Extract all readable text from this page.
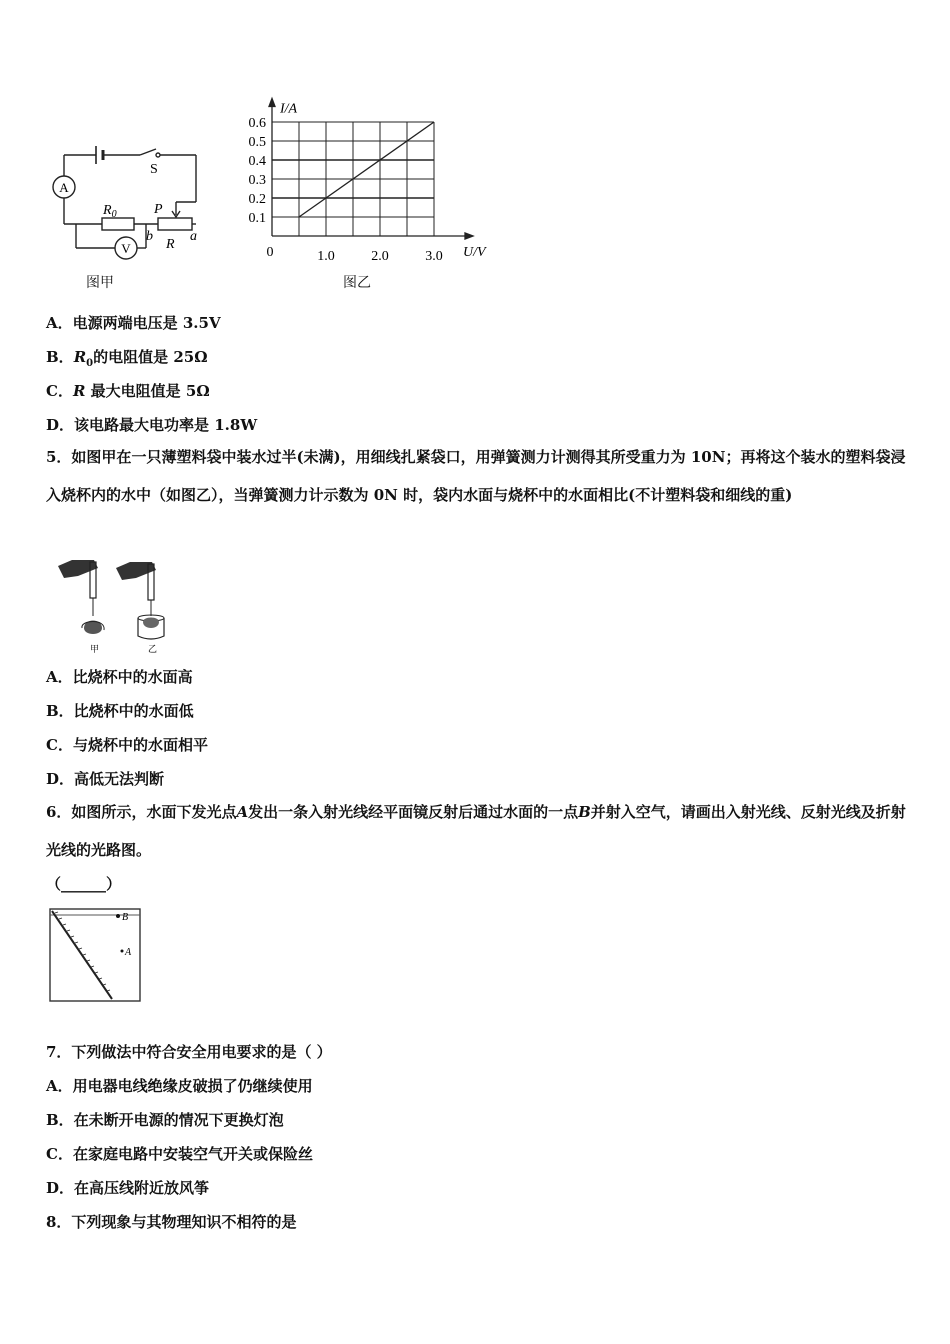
A
V
S
$R_0$	P
b
R
a
图甲
0.6
0.5
0.4
0.3
0.2
0.1
1.0	2.0	3.0
0
I/A
U/V
图乙
A．电源两端电压是 3.5V
B．$R_0$的电阻值是 25Ω
C．R 最大电阻值是 5Ω
D．该电路最大电功率是 1.8W
5．如图甲在一只薄塑料袋中装水过半(未满)，用细线扎紧袋口，用弹簧测力计测得其所受重力为 10N；再将这个装水的塑料袋浸入烧杯内的水中（如图乙），当弹簧测力计示数为 0N 时，袋内水面与烧杯中的水面相比(不计塑料袋和细线的重)
甲	乙
A．比烧杯中的水面高
B．比烧杯中的水面低
C．与烧杯中的水面相平
D．高低无法判断
6．如图所示，水面下发光点A发出一条入射光线经平面镜反射后通过水面的一点B并射入空气，请画出入射光线、反射光线及折射光线的光路图。
（______）
B
A
7．下列做法中符合安全用电要求的是（ ）
A．用电器电线绝缘皮破损了仍继续使用
B．在未断开电源的情况下更换灯泡
C．在家庭电路中安装空气开关或保险丝
D．在高压线附近放风筝
8．下列现象与其物理知识不相符的是
